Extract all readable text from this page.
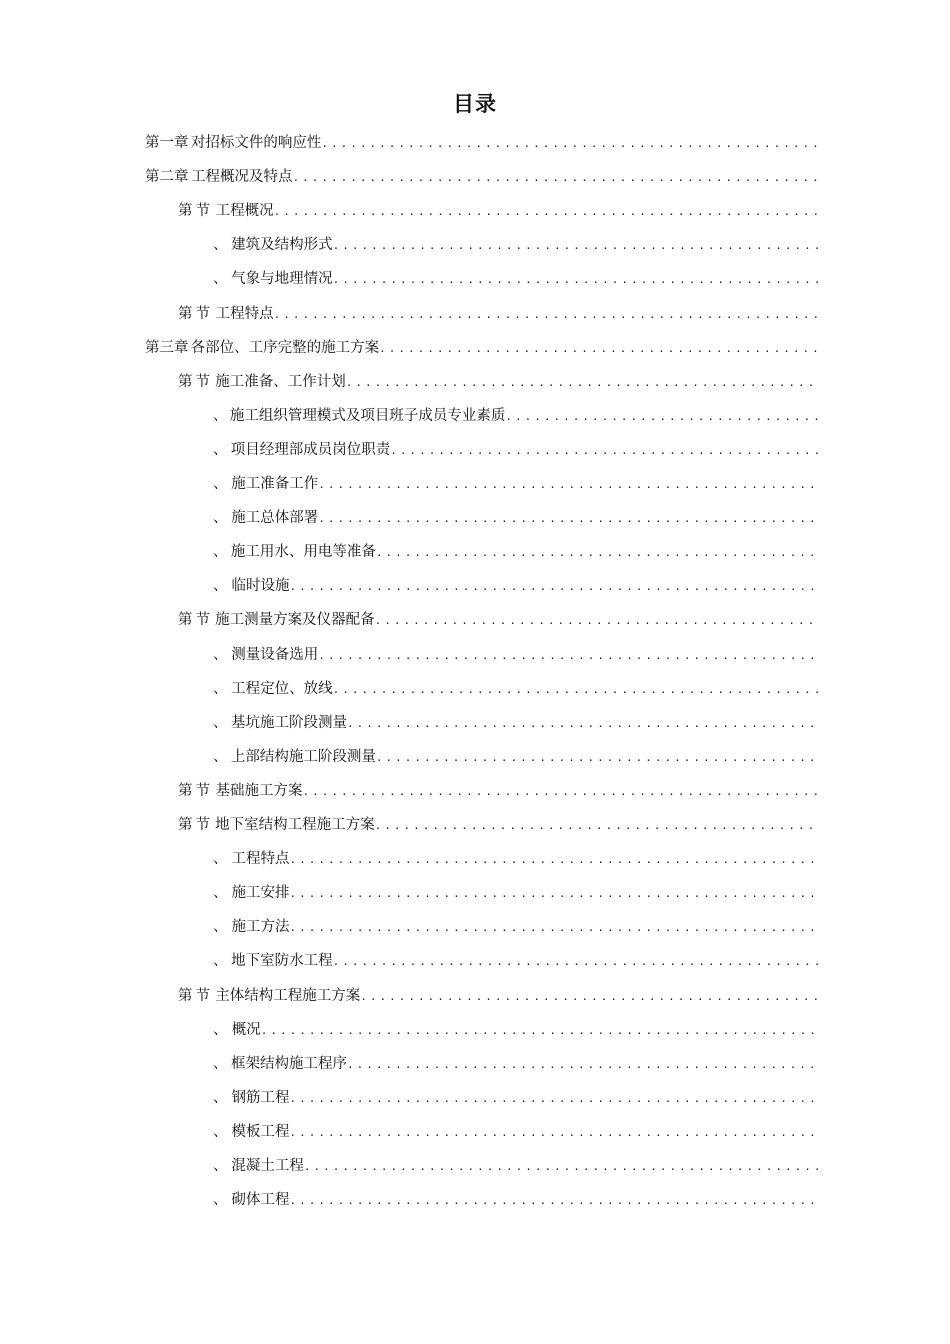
目录
第一章 对招标文件的响应性
.....
第二章 工程概况及特点
.....
第节 工程概况
.....
、 建筑及结构形式
.....
、 气象与地理情况
.....
第节 工程特点
.....
第三章 各部位、工序完整的施工方案
.....
第节 施工准备、工作计划
.....
、 施工组织管理模式及项目班子成员专业素质
.....
、 项目经理部成员岗位职责
.....
、 施工准备工作
.....
、 施工总体部署
.....
、 施工用水、用电等准备
.....
、 临时设施
.....
第节 施工测量方案及仪器配备
.....
、 测量设备选用
.....
、 工程定位、放线
.....
、 基坑施工阶段测量
.....
、 上部结构施工阶段测量
.....
第节 基础施工方案
.....
第节 地下室结构工程施工方案
.....
、 工程特点
.....
、 施工安排
.....
、 施工方法
.....
、 地下室防水工程
.....
第节 主体结构工程施工方案
.....
、 概况
.....
、 框架结构施工程序
.....
、 钢筋工程
.....
、 模板工程
.....
、 混凝土工程
.....
、 砌体工程
.....
